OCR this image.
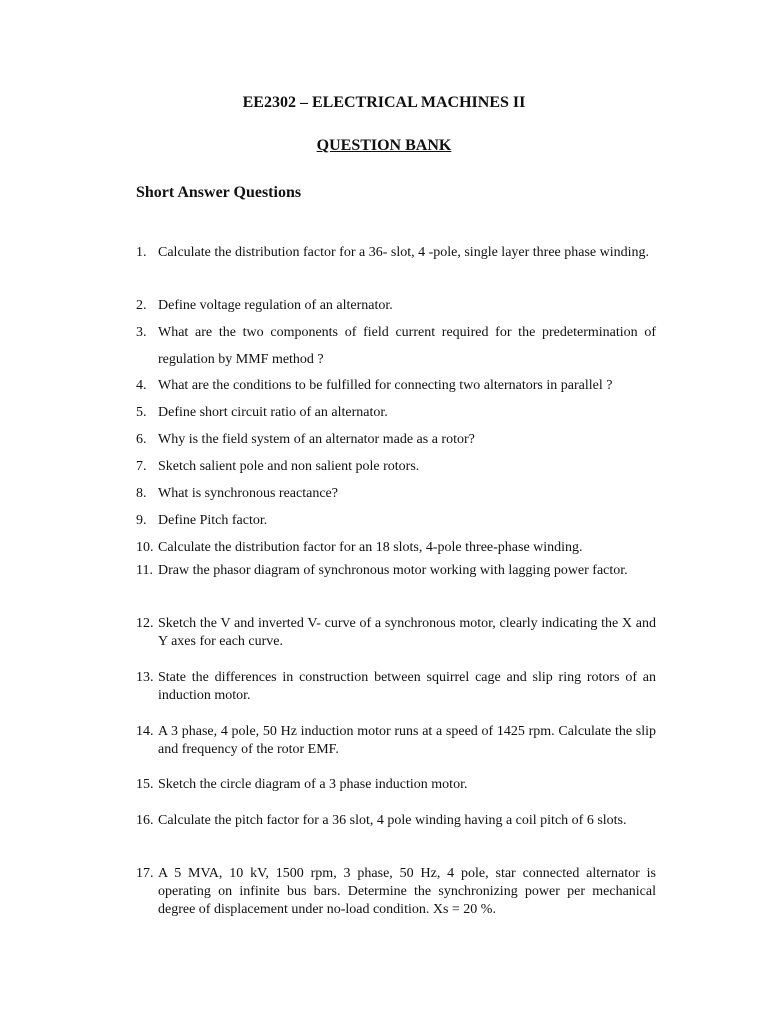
EE2302 – ELECTRICAL MACHINES II
QUESTION BANK
Short Answer Questions
1. Calculate the distribution factor for a 36- slot, 4 -pole, single layer three phase winding.
2. Define voltage regulation of an alternator.
3. What are the two components of field current required for the predetermination of regulation by MMF method ?
4. What are the conditions to be fulfilled for connecting two alternators in parallel ?
5. Define short circuit ratio of an alternator.
6. Why is the field system of an alternator made as a rotor?
7. Sketch salient pole and non salient pole rotors.
8. What is synchronous reactance?
9. Define Pitch factor.
10. Calculate the distribution factor for an 18 slots, 4-pole three-phase winding.
11. Draw the phasor diagram of synchronous motor working with lagging power factor.
12. Sketch the V and inverted V- curve of a synchronous motor, clearly indicating the X and Y axes for each curve.
13. State the differences in construction between squirrel cage and slip ring rotors of an induction motor.
14. A 3 phase, 4 pole, 50 Hz induction motor runs at a speed of 1425 rpm. Calculate the slip and frequency of the rotor EMF.
15. Sketch the circle diagram of a 3 phase induction motor.
16. Calculate the pitch factor for a 36 slot, 4 pole winding having a coil pitch of 6 slots.
17. A 5 MVA, 10 kV, 1500 rpm, 3 phase, 50 Hz, 4 pole, star connected alternator is operating on infinite bus bars. Determine the synchronizing power per mechanical degree of displacement under no-load condition. Xs = 20 %.
